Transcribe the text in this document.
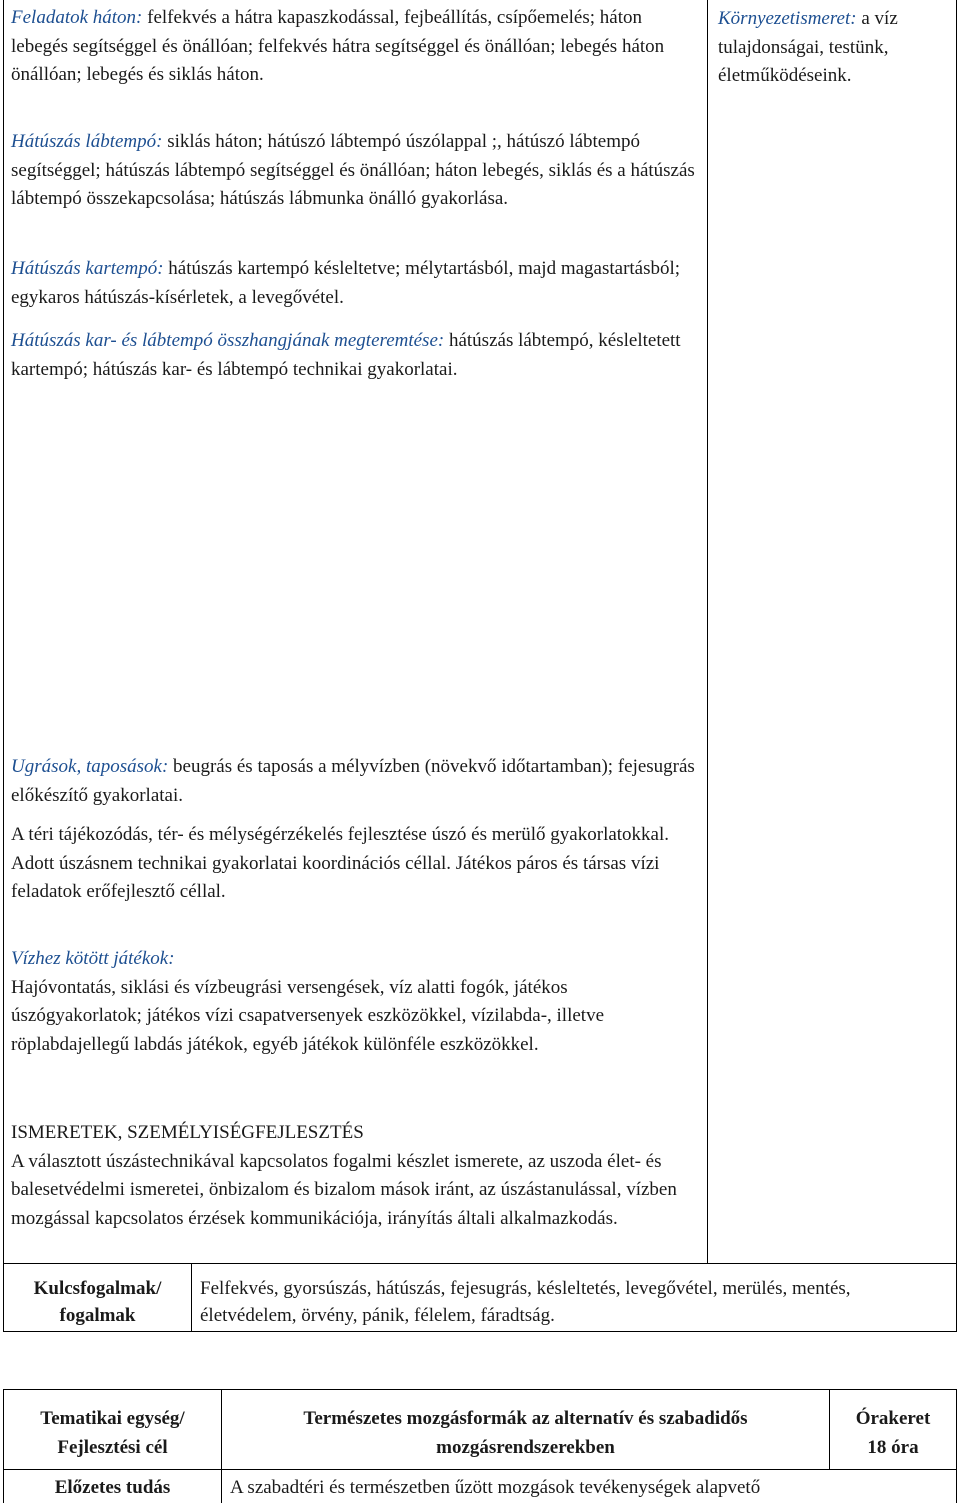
Feladatok háton: felfekvés a hátra kapaszkodással, fejbeállítás, csípőemelés; háton lebegés segítséggel és önállóan; felfekvés hátra segítséggel és önállóan; lebegés háton önállóan; lebegés és siklás háton.

Hátúszás lábtempó: siklás háton; hátúszó lábtempó úszólappal ;, hátúszó lábtempó segítséggel; hátúszás lábtempó segítséggel és önállóan; háton lebegés, siklás és a hátúszás lábtempó összekapcsolása; hátúszás lábmunka önálló gyakorlása.

Hátúszás kartempó: hátúszás kartempó késleltetve; mélytartásból, majd magastartásból; egykaros hátúszás-kísérletek, a levegővétel.

Hátúszás kar- és lábtempó összhangjának megteremtése: hátúszás lábtempó, késleltetett kartempó; hátúszás kar- és lábtempó technikai gyakorlatai.

Ugrások, taposások: beugrás és taposás a mélyvízben (növekvő időtartamban); fejesugrás előkészítő gyakorlatai.

A téri tájékozódás, tér- és mélységérzékelés fejlesztése úszó és merülő gyakorlatokkal. Adott úszásnem technikai gyakorlatai koordinációs céllal. Játékos páros és társas vízi feladatok erőfejlesztő céllal.

Vízhez kötött játékok:
Hajóvontatás, siklási és vízbeugrási versengések, víz alatti fogók, játékos úszógyakorlatok; játékos vízi csapatversenyek eszközökkel, vízilabda-, illetve röplabdajellegű labdás játékok, egyéb játékok különféle eszközökkel.

ISMERETEK, SZEMÉLYISÉGFEJLESZTÉS
A választott úszástechnikával kapcsolatos fogalmi készlet ismerete, az uszoda élet- és balesetvédelmi ismeretei, önbizalom és bizalom mások iránt, az úszástanulással, vízben mozgással kapcsolatos érzések kommunikációja, irányítás általi alkalmazkodás.

Környezetismeret: a víz tulajdonságai, testünk, életműködéseink.
Kulcsfogalmak/ fogalmak
Felfekvés, gyorsúszás, hátúszás, fejesugrás, késleltetés, levegővétel, merülés, mentés, életvédelem, örvény, pánik, félelem, fáradtság.
Tematikai egység/ Fejlesztési cél
Természetes mozgásformák az alternatív és szabadidős mozgásrendszerekben
Órakeret
18 óra
Előzetes tudás	A szabadtéri és természetben űzött mozgások tevékenységek alapvető
